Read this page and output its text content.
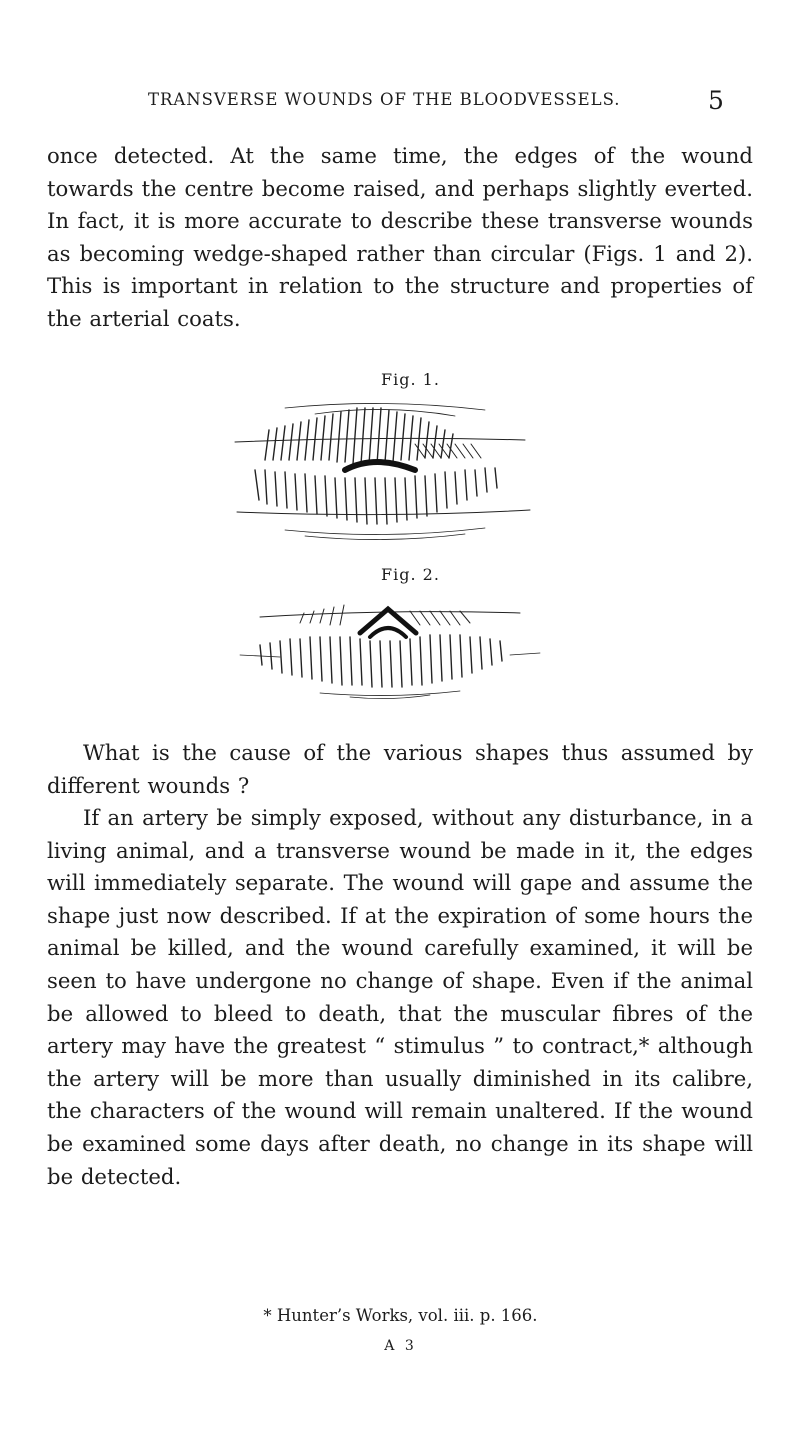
TRANSVERSE WOUNDS OF THE BLOODVESSELS.	5

once detected. At the same time, the edges of the wound towards the centre become raised, and perhaps slightly everted. In fact, it is more accurate to describe these transverse wounds as becoming wedge-shaped rather than circular (Figs. 1 and 2). This is important in relation to the structure and properties of the arterial coats.

Fig. 1.
Fig. 2.

What is the cause of the various shapes thus assumed by different wounds ?

If an artery be simply exposed, without any disturbance, in a living animal, and a transverse wound be made in it, the edges will immediately separate. The wound will gape and assume the shape just now described. If at the expiration of some hours the animal be killed, and the wound carefully examined, it will be seen to have undergone no change of shape. Even if the animal be allowed to bleed to death, that the muscular fibres of the artery may have the greatest “ stimulus ” to contract,* although the artery will be more than usually diminished in its calibre, the characters of the wound will remain unaltered. If the wound be examined some days after death, no change in its shape will be detected.

* Hunter’s Works, vol. iii. p. 166.
A 3
